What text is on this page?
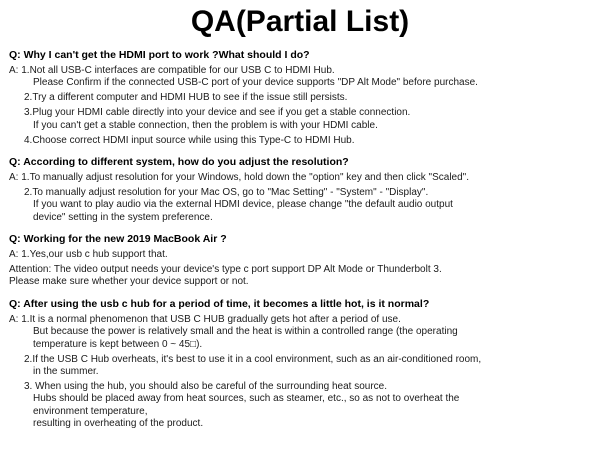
QA(Partial List)
Q: Why I can't get the HDMI port to work ?What should I do?
A: 1.Not all USB-C interfaces are compatible for our USB C to HDMI Hub.
Please Confirm if the connected USB-C port of your device supports "DP Alt Mode" before purchase.
2.Try a different computer and HDMI HUB to see if the issue still persists.
3.Plug your HDMI cable directly into your device and see if you get a stable connection.
If you can't get a stable connection, then the problem is with your HDMI cable.
4.Choose correct HDMI input source while using this Type-C to HDMI Hub.
Q: According to different system, how do you adjust the resolution?
A: 1.To manually adjust resolution for your Windows, hold down the "option" key and then click "Scaled".
2.To manually adjust resolution for your Mac OS, go to "Mac Setting" - "System" - "Display".
If you want to play audio via the external HDMI device, please change "the default audio output
device" setting in the system preference.
Q: Working for the new 2019 MacBook Air ?
A: 1.Yes,our usb c hub support that.
Attention: The video output needs your device's type c port support DP Alt Mode or Thunderbolt 3.
Please make sure whether your device support or not.
Q: After using the usb c hub for a period of time, it becomes a little hot, is it normal?
A: 1.It is a normal phenomenon that USB C HUB gradually gets hot after a period of use.
But because the power is relatively small and the heat is within a controlled range (the operating
temperature is kept between 0 ~ 45□).
2.If the USB C Hub overheats, it's best to use it in a cool environment, such as an air-conditioned room,
in the summer.
3. When using the hub, you should also be careful of the surrounding heat source.
Hubs should be placed away from heat sources, such as steamer, etc., so as not to overheat the
environment temperature,
resulting in overheating of the product.
